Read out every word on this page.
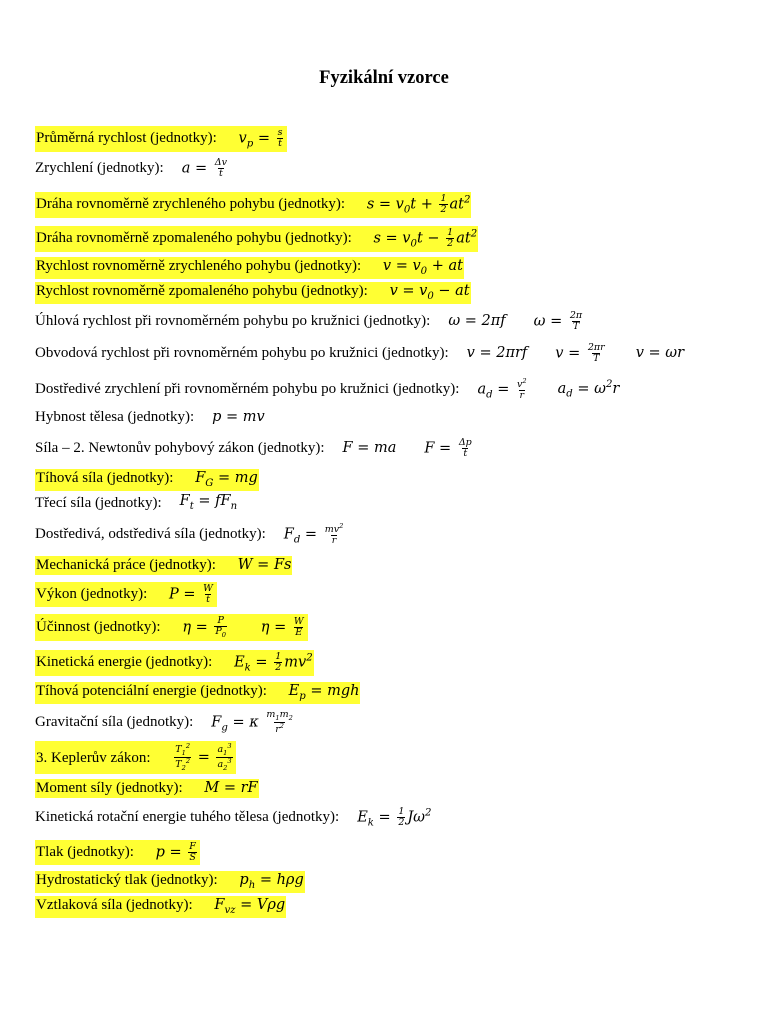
Fyzikální vzorce
Průměrná rychlost (jednotky): $v_p = \frac{s}{t}$
Zrychlení (jednotky): $a = \frac{\Delta v}{t}$
Dráha rovnoměrně zrychleného pohybu (jednotky): $s = v_0t + \frac{1}{2} at^2$
Dráha rovnoměrně zpomaleného pohybu (jednotky): $s = v_0t - \frac{1}{2} at^2$
Rychlost rovnoměrně zrychleného pohybu (jednotky): $v = v_0$ + at
Rychlost rovnoměrně zpomaleného pohybu (jednotky): $v = v_0$ − at
Úhlová rychlost při rovnoměrném pohybu po kružnici (jednotky): ω = 2πf $\omega = \frac{2\pi}{T}$
Obvodová rychlost při rovnoměrném pohybu po kružnici (jednotky): v = 2πrf $v = \frac{2\pi r}{T}$ v = ωr
Dostředivé zrychlení při rovnoměrném pohybu po kružnici (jednotky): $a_d = \frac{v^2}{r} a_d = \omega^2r$
Hybnost tělesa (jednotky): p = mv
Síla – 2. Newtonův pohybový zákon (jednotky): F = ma $F = \frac{\Delta p}{t}$
Tíhová síla (jednotky): $F_G$ = mg
Třecí síla (jednotky): $F_t = fF_n$
Dostředivá, odstředivá síla (jednotky): $F_d = \frac{mv^2}{r}$
Mechanická práce (jednotky): W = Fs
Výkon (jednotky): $P = \frac{W}{t}$
Účinnost (jednotky): $\eta = \frac{P}{P_0}$ $\eta = \frac{W}{E}$
Kinetická energie (jednotky): $E_k = \frac{1}{2} mv^2$
Tíhová potenciální energie (jednotky): $E_p$ = mgh
Gravitační síla (jednotky): $F_g = \kappa \frac{m_1m_2}{r^2}$
3. Keplerův zákon:	$\frac{T_1^2}{T_2^2} = \frac{a_1^3}{a_2^3}$
Moment síly (jednotky): M = rF
Kinetická rotační energie tuhého tělesa (jednotky): $E_k = \frac{1}{2} J\omega^2$
Tlak (jednotky): $p = \frac{F}{S}$
Hydrostatický tlak (jednotky): $p_h = h\rho g$
Vztlaková síla (jednotky): $F_{vz} = V\rho g$
